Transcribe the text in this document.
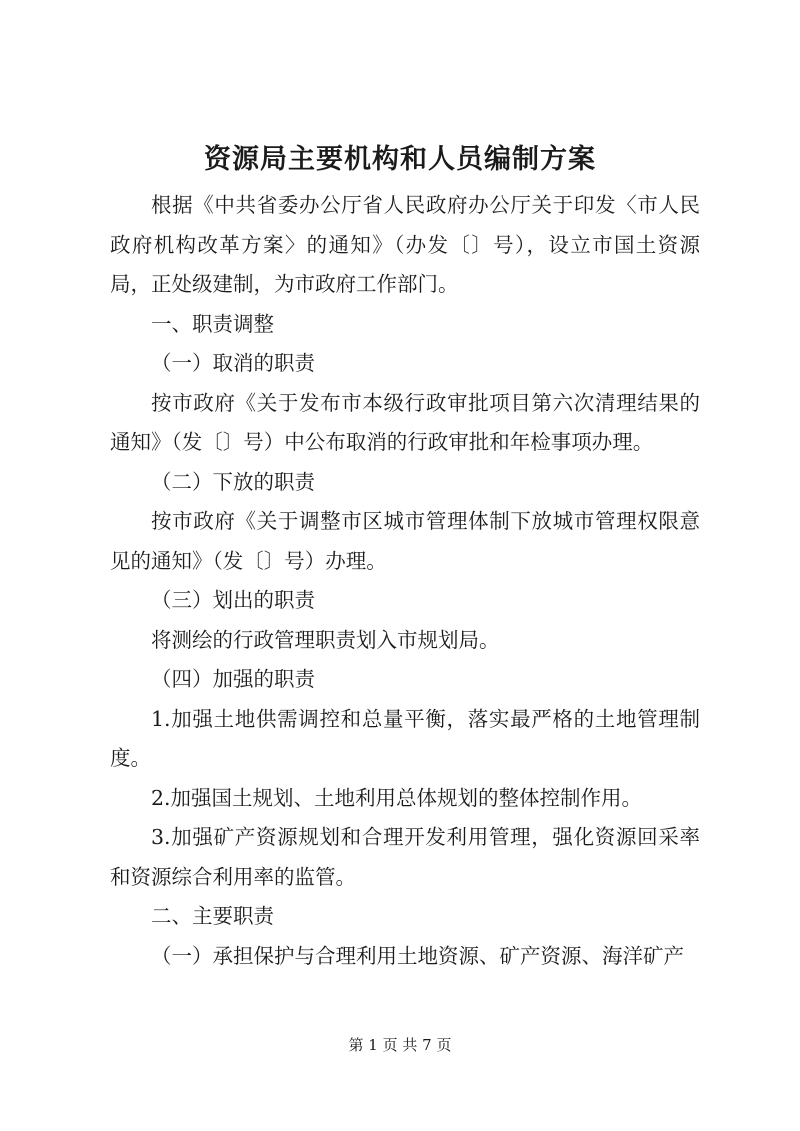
资源局主要机构和人员编制方案

根据《中共省委办公厅省人民政府办公厅关于印发〈市人民政府机构改革方案〉的通知》（办发〔〕号），设立市国土资源局，正处级建制，为市政府工作部门。

一、职责调整

（一）取消的职责

按市政府《关于发布市本级行政审批项目第六次清理结果的通知》（发〔〕号）中公布取消的行政审批和年检事项办理。

（二）下放的职责

按市政府《关于调整市区城市管理体制下放城市管理权限意见的通知》（发〔〕号）办理。

（三）划出的职责

将测绘的行政管理职责划入市规划局。

（四）加强的职责

1.加强土地供需调控和总量平衡，落实最严格的土地管理制度。

2.加强国土规划、土地利用总体规划的整体控制作用。

3.加强矿产资源规划和合理开发利用管理，强化资源回采率和资源综合利用率的监管。

二、主要职责

（一）承担保护与合理利用土地资源、矿产资源、海洋矿产

第 1 页 共 7 页
